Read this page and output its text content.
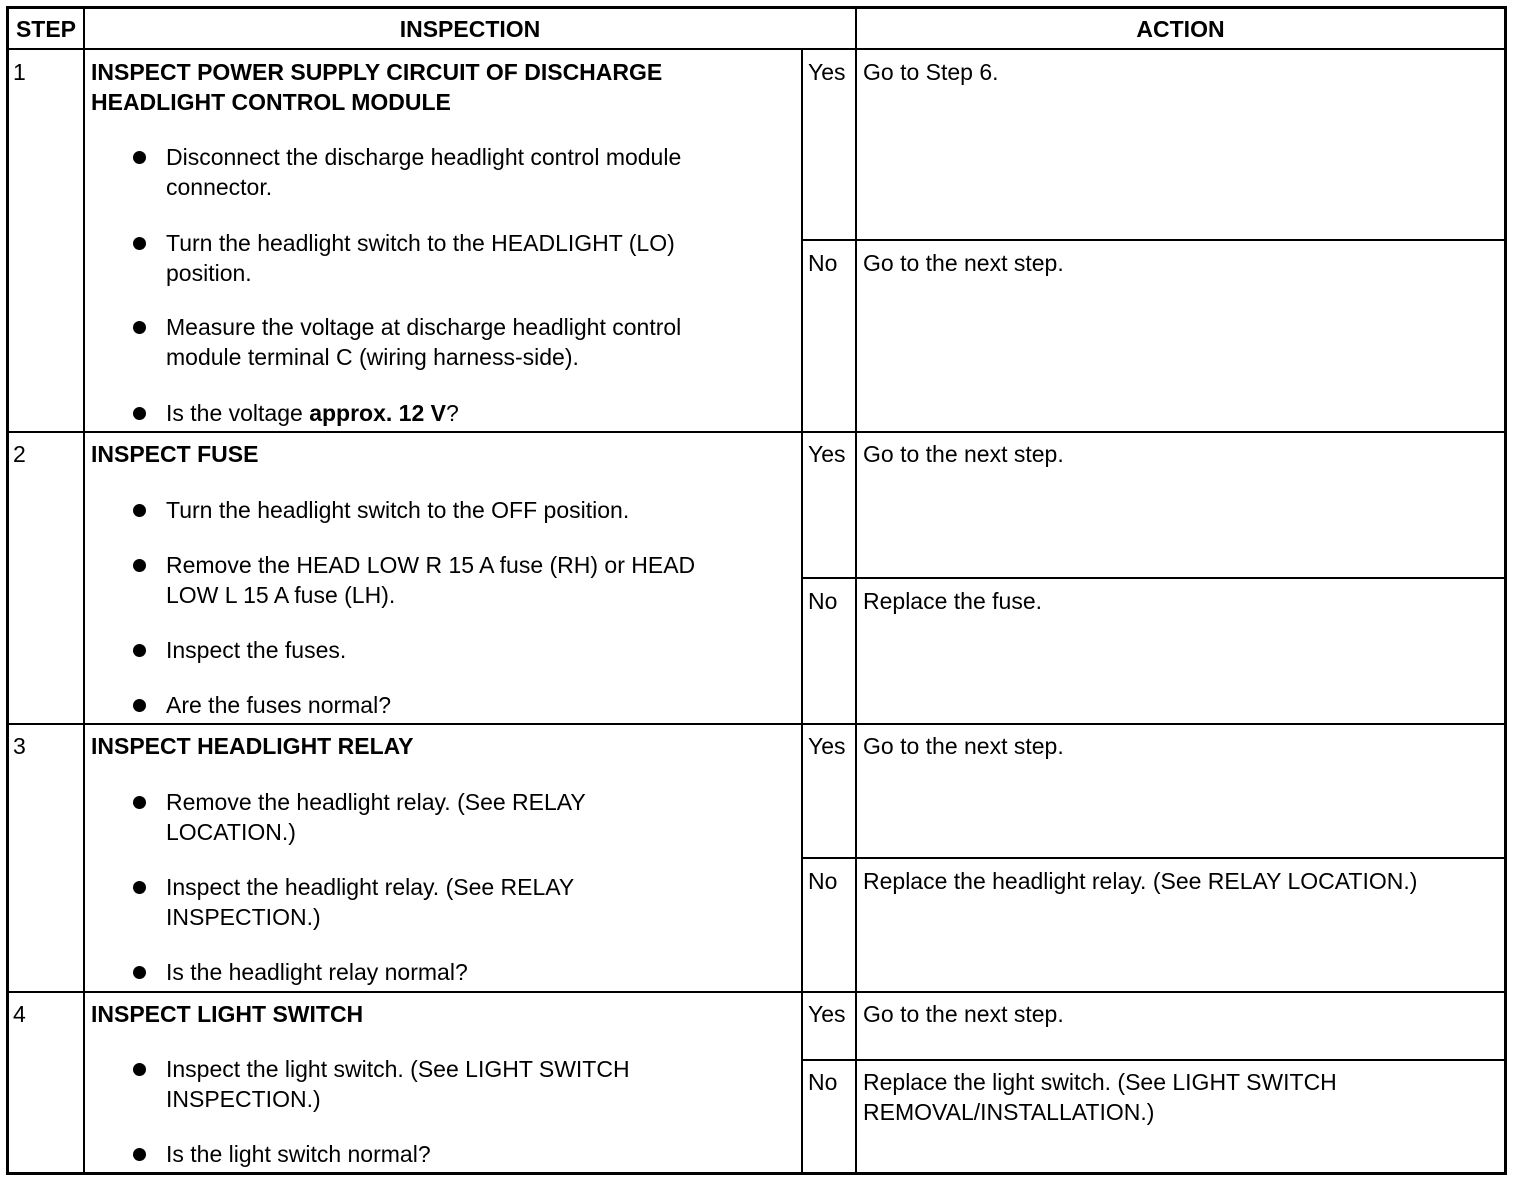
STEP	INSPECTION	ACTION
1	INSPECT POWER SUPPLY CIRCUIT OF DISCHARGE
HEADLIGHT CONTROL MODULE
Disconnect the discharge headlight control module
connector.
Turn the headlight switch to the HEADLIGHT (LO)
position.
Measure the voltage at discharge headlight control
module terminal C (wiring harness-side).
Is the voltage approx. 12 V?
Yes Go to Step 6.
No Go to the next step.
2	INSPECT FUSE
Turn the headlight switch to the OFF position.
Remove the HEAD LOW R 15 A fuse (RH) or HEAD
LOW L 15 A fuse (LH).
Inspect the fuses.
Are the fuses normal?
Yes Go to the next step.
No Replace the fuse.
3	INSPECT HEADLIGHT RELAY
Remove the headlight relay. (See RELAY
LOCATION.)
Inspect the headlight relay. (See RELAY
INSPECTION.)
Is the headlight relay normal?
Yes Go to the next step.
No Replace the headlight relay. (See RELAY LOCATION.)
4	INSPECT LIGHT SWITCH
Inspect the light switch. (See LIGHT SWITCH
INSPECTION.)
Is the light switch normal?
Yes Go to the next step.
No Replace the light switch. (See LIGHT SWITCH
REMOVAL/INSTALLATION.)
